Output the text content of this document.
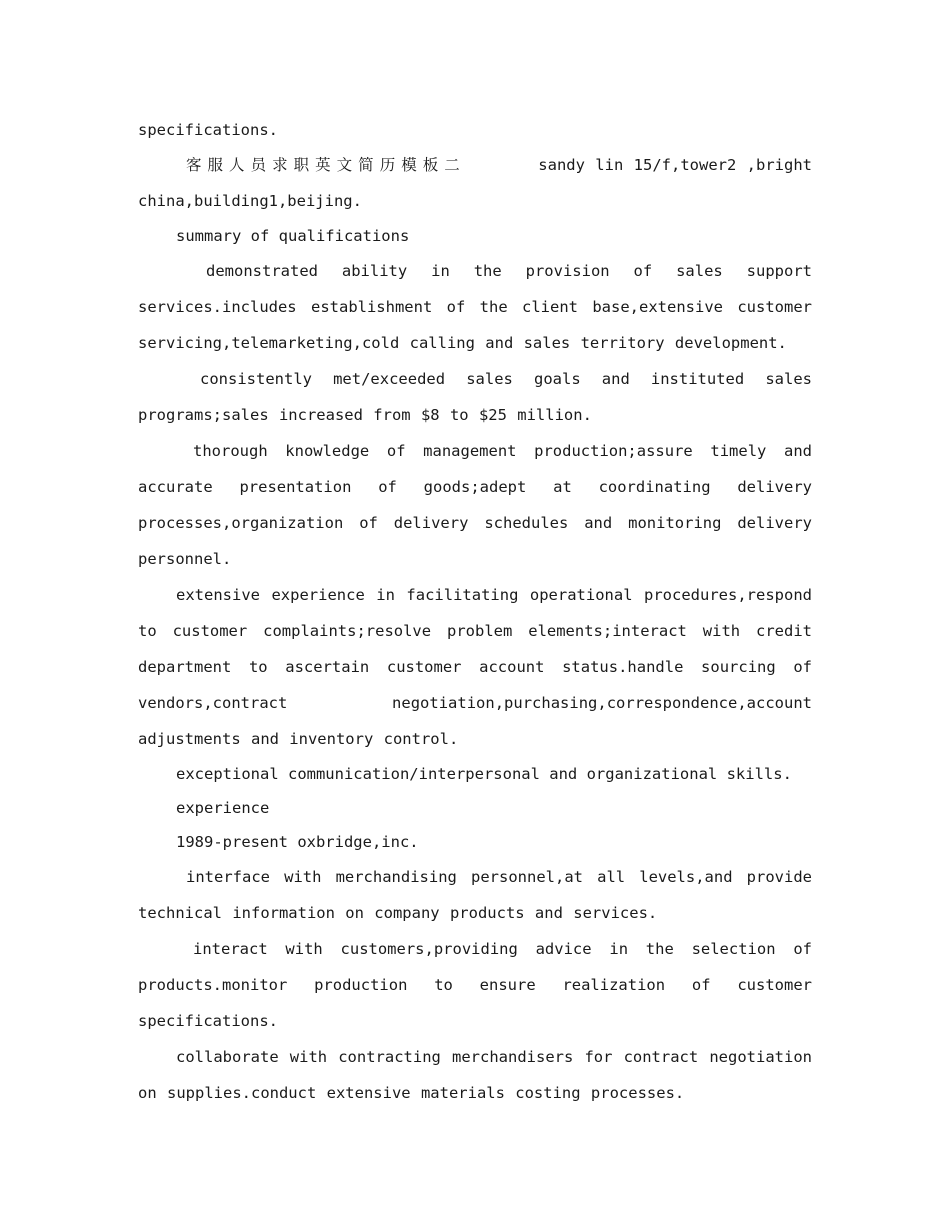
specifications.

客服人员求职英文简历模板二	sandy lin 15/f,tower2 ,bright china,building1,beijing.

summary of qualifications

demonstrated ability in the provision of sales support services.includes establishment of the client base,extensive customer servicing,telemarketing,cold calling and sales territory development.

consistently met/exceeded sales goals and instituted sales programs;sales increased from $8 to $25 million.

thorough knowledge of management production;assure timely and accurate presentation of goods;adept at coordinating delivery processes,organization of delivery schedules and monitoring delivery personnel.

extensive experience in facilitating operational procedures,respond to customer complaints;resolve problem elements;interact with credit department to ascertain customer account status.handle sourcing of vendors,contract negotiation,purchasing,correspondence,account adjustments and inventory control.

exceptional communication/interpersonal and organizational skills.

experience

1989-present oxbridge,inc.

interface with merchandising personnel,at all levels,and provide technical information on company products and services.

interact with customers,providing advice in the selection of products.monitor production to ensure realization of customer specifications.

collaborate with contracting merchandisers for contract negotiation on supplies.conduct extensive materials costing processes.
